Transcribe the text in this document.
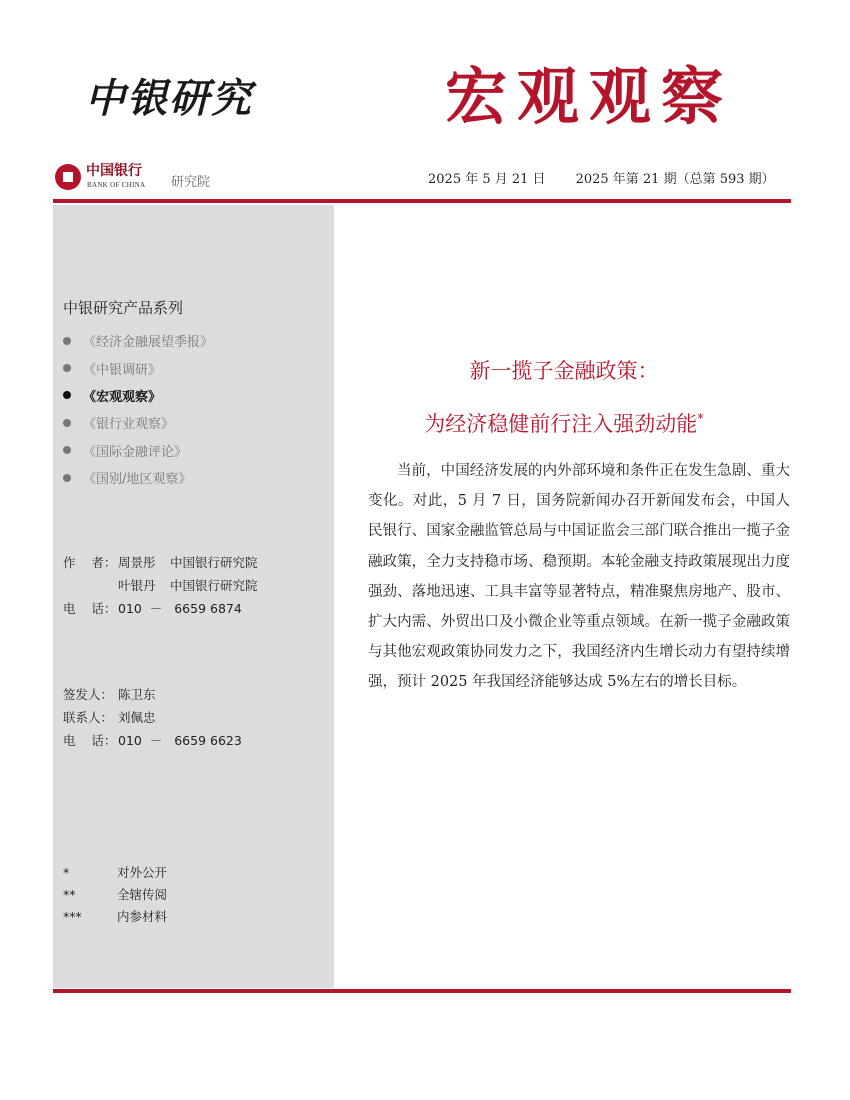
中银研究	宏观观察
中国银行
BANK OF CHINA 研究院	2025 年 5 月 21 日 2025 年第 21 期（总第 593 期）
中银研究产品系列
《经济金融展望季报》
《中银调研》
《宏观观察》
《银行业观察》
《国际金融评论》
《国别/地区观察》
作    者： 周景彤 中国银行研究院
叶银丹 中国银行研究院
电    话： 010  －   6659 6874
签发人： 陈卫东
联系人： 刘佩忠
电    话： 010  －   6659 6623
*	对外公开
**	全辖传阅
***	内参材料
新一揽子金融政策：
为经济稳健前行注入强劲动能*

当前，中国经济发展的内外部环境和条件正在发生急剧、重大变化。对此，5 月 7 日，国务院新闻办召开新闻发布会，中国人民银行、国家金融监管总局与中国证监会三部门联合推出一揽子金融政策，全力支持稳市场、稳预期。本轮金融支持政策展现出力度强劲、落地迅速、工具丰富等显著特点，精准聚焦房地产、股市、扩大内需、外贸出口及小微企业等重点领域。在新一揽子金融政策与其他宏观政策协同发力之下，我国经济内生增长动力有望持续增强，预计 2025 年我国经济能够达成 5%左右的增长目标。
